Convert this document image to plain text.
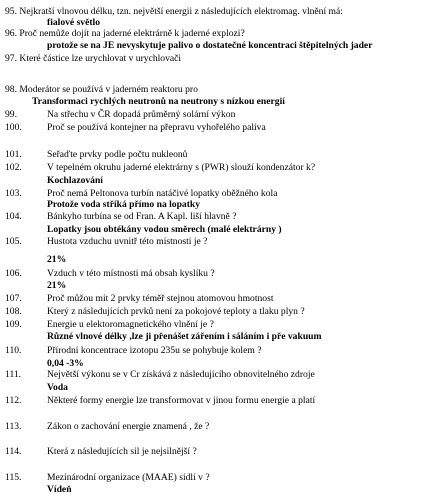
95. Nejkratší vlnovou délku, tzn. největší energii z následujících elektromag. vlnění má:
fialové světlo
96. Proč nemůže dojít na jaderné elektrárně k jaderné explozi?
protože se na JE nevyskytuje palivo o dostatečné koncentraci štěpitelných jader
97. Které částice lze urychlovat v urychlovači
98. Moderátor se používá v jaderném reaktoru pro
Transformaci rychlých neutronů na neutrony s nízkou energií
99.	Na střechu v ČR dopadá průměrný solární výkon
100.	Proč se používá kontejner na přepravu vyhořelého paliva
101.	Seřaďte prvky podle počtu nukleonů
102.	V tepelném okruhu jaderné elektrárny s (PWR) slouží kondenzátor k?
Kochlazování
103.	Proč nemá Peltonova turbín natáčivé lopatky oběžného kola
Protože voda stříká přímo na lopatky
104.	Bánkyho turbína se od Fran. A Kapl. liší hlavně ?
Lopatky jsou obtékány vodou směrech (malé elektrárny )
105.	Hustota vzduchu uvnitř této místnosti je ?
21%
106.	Vzduch v této místnosti má obsah kyslíku ?
21%
107.	Proč můžou mít 2 prvky téměř stejnou atomovou hmotnost
108.	Který z následujících prvků není za pokojové teploty a tlaku plyn ?
109.	Energie u elektoromagnetického vlnění je ?
Různé vlnové délky ,lze ji přenášet zářením i sáláním i pře vakuum
110.	Přírodní koncentrace izotopu 235u se pohybuje kolem ?
0,04 -3%
111.	Největší výkonu se v Cr získává z následujícího obnovitelného zdroje
Voda
112.	Některé formy energie lze transformovat v jinou formu energie a platí
113.	Zákon o zachování energie znamená , že ?
114.	Která z následujících sil je nejsilnější ?
115.	Mezinárodní organizace (MAAE) sídlí v ?
Vídeň
